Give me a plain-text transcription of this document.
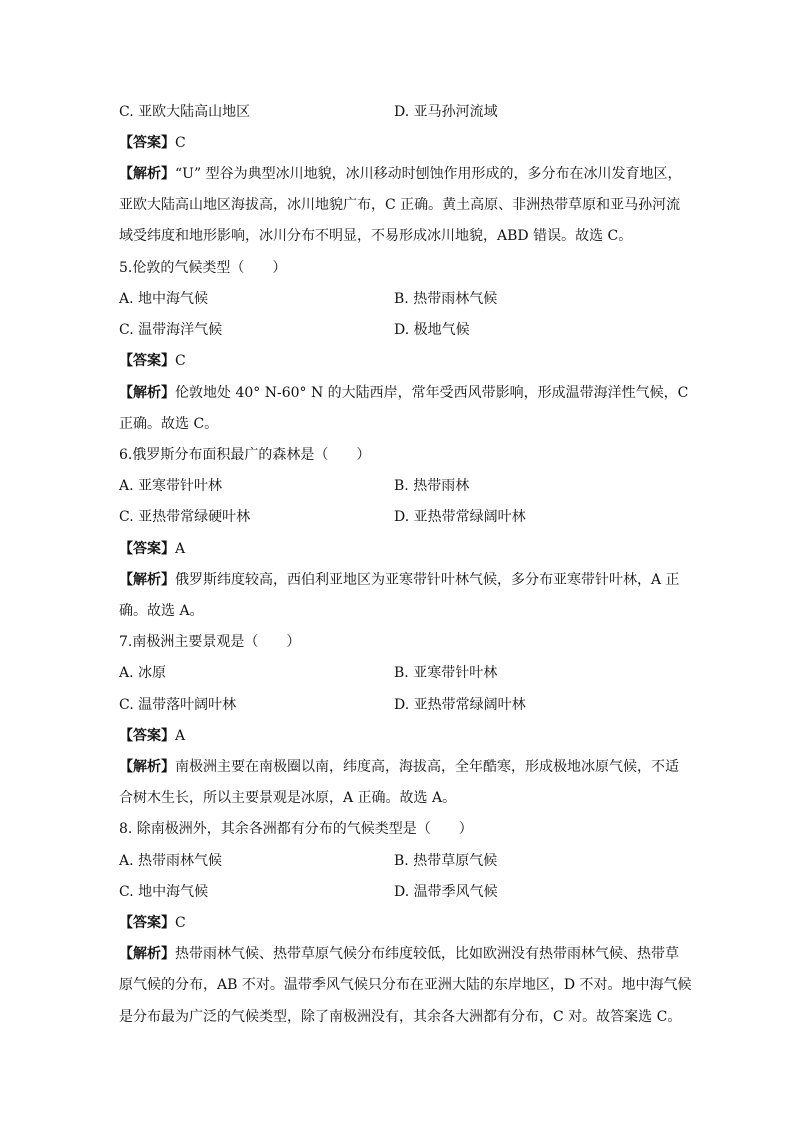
C. 亚欧大陆高山地区	D. 亚马孙河流域
【答案】C
【解析】“U” 型谷为典型冰川地貌，冰川移动时刨蚀作用形成的，多分布在冰川发育地区，
亚欧大陆高山地区海拔高，冰川地貌广布，C 正确。黄土高原、非洲热带草原和亚马孙河流
域受纬度和地形影响，冰川分布不明显，不易形成冰川地貌，ABD 错误。故选 C。
5.伦敦的气候类型（　　）
A. 地中海气候	B. 热带雨林气候
C. 温带海洋气候	D. 极地气候
【答案】C
【解析】伦敦地处 40° N-60° N 的大陆西岸，常年受西风带影响，形成温带海洋性气候，C
正确。故选 C。
6.俄罗斯分布面积最广的森林是（　　）
A. 亚寒带针叶林	B. 热带雨林
C. 亚热带常绿硬叶林	D. 亚热带常绿阔叶林
【答案】A
【解析】俄罗斯纬度较高，西伯利亚地区为亚寒带针叶林气候，多分布亚寒带针叶林，A 正
确。故选 A。
7.南极洲主要景观是（　　）
A. 冰原	B. 亚寒带针叶林
C. 温带落叶阔叶林	D. 亚热带常绿阔叶林
【答案】A
【解析】南极洲主要在南极圈以南，纬度高，海拔高，全年酷寒，形成极地冰原气候，不适
合树木生长，所以主要景观是冰原，A 正确。故选 A。
8. 除南极洲外，其余各洲都有分布的气候类型是（　　）
A. 热带雨林气候	B. 热带草原气候
C. 地中海气候	D. 温带季风气候
【答案】C
【解析】热带雨林气候、热带草原气候分布纬度较低，比如欧洲没有热带雨林气候、热带草
原气候的分布，AB 不对。温带季风气候只分布在亚洲大陆的东岸地区，D 不对。地中海气候
是分布最为广泛的气候类型，除了南极洲没有，其余各大洲都有分布，C 对。故答案选 C。
